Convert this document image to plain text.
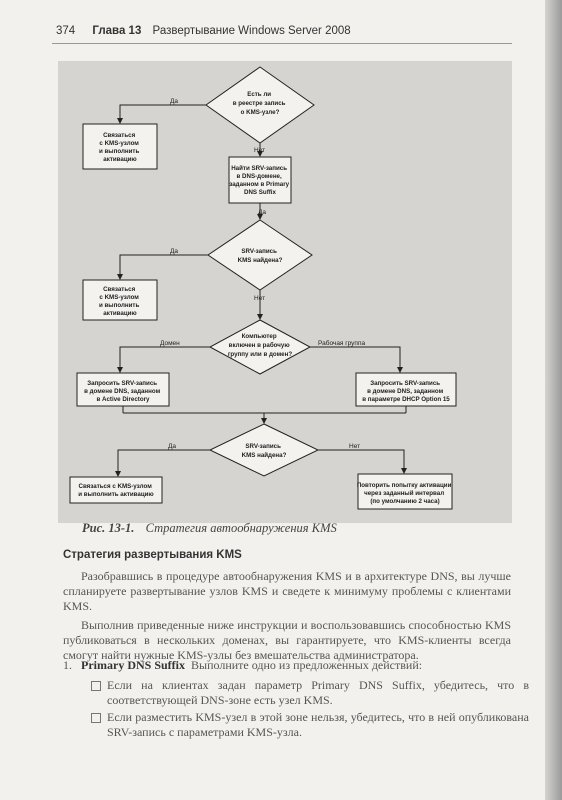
374 Глава 13 Развертывание Windows Server 2008
Есть ли в реестре запись о KMS-узле?
SRV-запись KMS найдена?
Компьютер включен в рабочую группу или в домен?
SRV-запись KMS найдена?
Связаться с KMS-узлом и выполнить активацию
Найти SRV-запись в DNS-домене, заданном в Primary DNS Suffix
Связаться с KMS-узлом и выполнить активацию
Запросить SRV-запись в домене DNS, заданном в Active Directory
Запросить SRV-запись в домене DNS, заданном в параметре DHCP Option 15
Связаться с KMS-узлом и выполнить активацию
Повторить попытку активации через заданный интервал (по умолчанию 2 часа)
Да
Нет
Да
Да
Нет
Домен	Рабочая группа
Да	Нет
Рис. 13-1. Стратегия автообнаружения KMS
Стратегия развертывания KMS

Разобравшись в процедуре автообнаружения KMS и в архитектуре DNS, вы лучше спланируете развертывание узлов KMS и сведете к минимуму проблемы с клиентами KMS.

Выполнив приведенные ниже инструкции и воспользовавшись способностью KMS публиковаться в нескольких доменах, вы гарантируете, что KMS-клиенты всегда смогут найти нужные KMS-узлы без вмешательства администратора.

1. Primary DNS Suffix Выполните одно из предложенных действий:

Если на клиентах задан параметр Primary DNS Suffix, убедитесь, что в соответствующей DNS-зоне есть узел KMS.

Если разместить KMS-узел в этой зоне нельзя, убедитесь, что в ней опубликована SRV-запись с параметрами KMS-узла.
